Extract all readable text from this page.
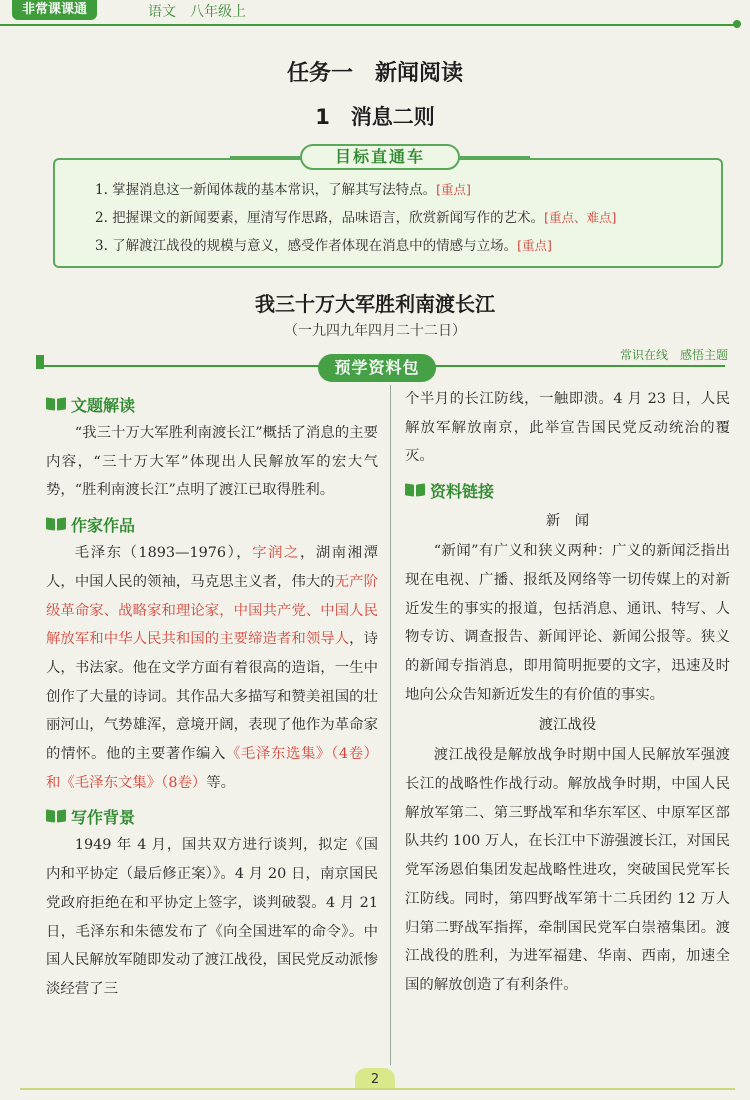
非常课课通	语文　八年级上
任务一　新闻阅读
1　消息二则
1. 掌握消息这一新闻体裁的基本常识，了解其写法特点。[重点]
2. 把握课文的新闻要素，厘清写作思路，品味语言，欣赏新闻写作的艺术。[重点、难点]
3. 了解渡江战役的规模与意义，感受作者体现在消息中的情感与立场。[重点]
目标直通车
我三十万大军胜利南渡长江
（一九四九年四月二十二日）
预学资料包
常识在线　感悟主题
文题解读

“我三十万大军胜利南渡长江”概括了消息的主要内容，“三十万大军”体现出人民解放军的宏大气势，“胜利南渡长江”点明了渡江已取得胜利。

作家作品

毛泽东（1893—1976），字润之，湖南湘潭人，中国人民的领袖，马克思主义者，伟大的无产阶级革命家、战略家和理论家，中国共产党、中国人民解放军和中华人民共和国的主要缔造者和领导人，诗人，书法家。他在文学方面有着很高的造诣，一生中创作了大量的诗词。其作品大多描写和赞美祖国的壮丽河山，气势雄浑，意境开阔，表现了他作为革命家的情怀。他的主要著作编入《毛泽东选集》（4卷）和《毛泽东文集》（8卷）等。

写作背景

1949 年 4 月，国共双方进行谈判，拟定《国内和平协定（最后修正案）》。4 月 20 日，南京国民党政府拒绝在和平协定上签字，谈判破裂。4 月 21 日，毛泽东和朱德发布了《向全国进军的命令》。中国人民解放军随即发动了渡江战役，国民党反动派惨淡经营了三

个半月的长江防线，一触即溃。4 月 23 日，人民解放军解放南京，此举宣告国民党反动统治的覆灭。

资料链接
新　闻

“新闻”有广义和狭义两种：广义的新闻泛指出现在电视、广播、报纸及网络等一切传媒上的对新近发生的事实的报道，包括消息、通讯、特写、人物专访、调查报告、新闻评论、新闻公报等。狭义的新闻专指消息，即用简明扼要的文字，迅速及时地向公众告知新近发生的有价值的事实。

渡江战役

渡江战役是解放战争时期中国人民解放军强渡长江的战略性作战行动。解放战争时期，中国人民解放军第二、第三野战军和华东军区、中原军区部队共约 100 万人，在长江中下游强渡长江，对国民党军汤恩伯集团发起战略性进攻，突破国民党军长江防线。同时，第四野战军第十二兵团约 12 万人归第二野战军指挥，牵制国民党军白崇禧集团。渡江战役的胜利，为进军福建、华南、西南，加速全国的解放创造了有利条件。

2
